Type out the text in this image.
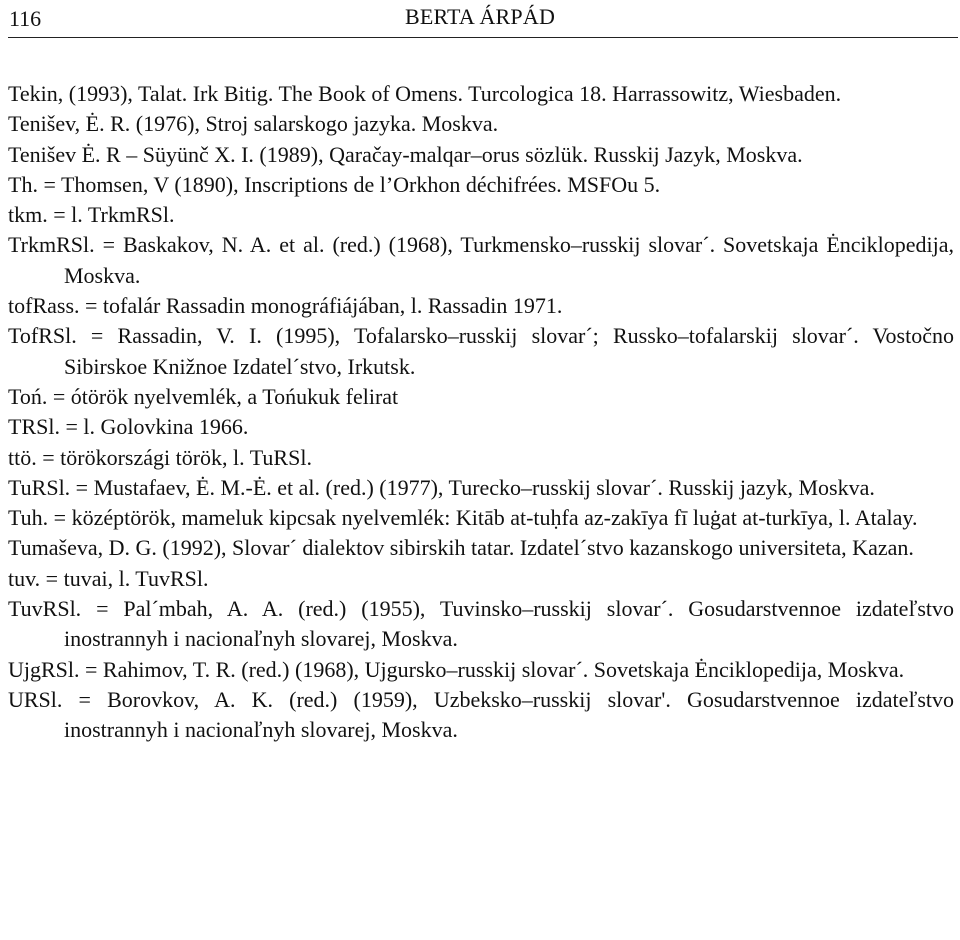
116	BERTA ÁRPÁD
Tekin, (1993), Talat. Irk Bitig. The Book of Omens. Turcologica 18. Harrassowitz, Wiesbaden.
Tenišev, Ė. R. (1976), Stroj salarskogo jazyka. Moskva.
Tenišev Ė. R – Süyünč X. I. (1989), Qaračay-malqar–orus sözlük. Russkij Jazyk, Moskva.
Th. = Thomsen, V (1890), Inscriptions de l’Orkhon déchifrées. MSFOu 5.
tkm. = l. TrkmRSl.
TrkmRSl. = Baskakov, N. A. et al. (red.) (1968), Turkmensko–russkij slovar´. Sovetskaja Ėnciklopedija, Moskva.
tofRass. = tofalár Rassadin monográfiájában, l. Rassadin 1971.
TofRSl. = Rassadin, V. I. (1995), Tofalarsko–russkij slovar´; Russko–tofalarskij slovar´. Vostočno Sibirskoe Knižnoe Izdatel´stvo, Irkutsk.
Toń. = ótörök nyelvemlék, a Tońukuk felirat
TRSl. = l. Golovkina 1966.
ttö. = törökországi török, l. TuRSl.
TuRSl. = Mustafaev, Ė. M.-Ė. et al. (red.) (1977), Turecko–russkij slovar´. Russkij jazyk, Moskva.
Tuh. = középtörök, mameluk kipcsak nyelvemlék: Kitāb at-tuḥfa az-zakīya fī luġat at-turkīya, l. Atalay.
Tumaševa, D. G. (1992), Slovar´ dialektov sibirskih tatar. Izdatel´stvo kazanskogo universiteta, Kazan.
tuv. = tuvai, l. TuvRSl.
TuvRSl. = Pal´mbah, A. A. (red.) (1955), Tuvinsko–russkij slovar´. Gosudarstvennoe izdateľstvo inostrannyh i nacionaľnyh slovarej, Moskva.
UjgRSl. = Rahimov, T. R. (red.) (1968), Ujgursko–russkij slovar´. Sovetskaja Ėnciklopedija, Moskva.
URSl. = Borovkov, A. K. (red.) (1959), Uzbeksko–russkij slovar'. Gosudarstvennoe izdateľstvo inostrannyh i nacionaľnyh slovarej, Moskva.
